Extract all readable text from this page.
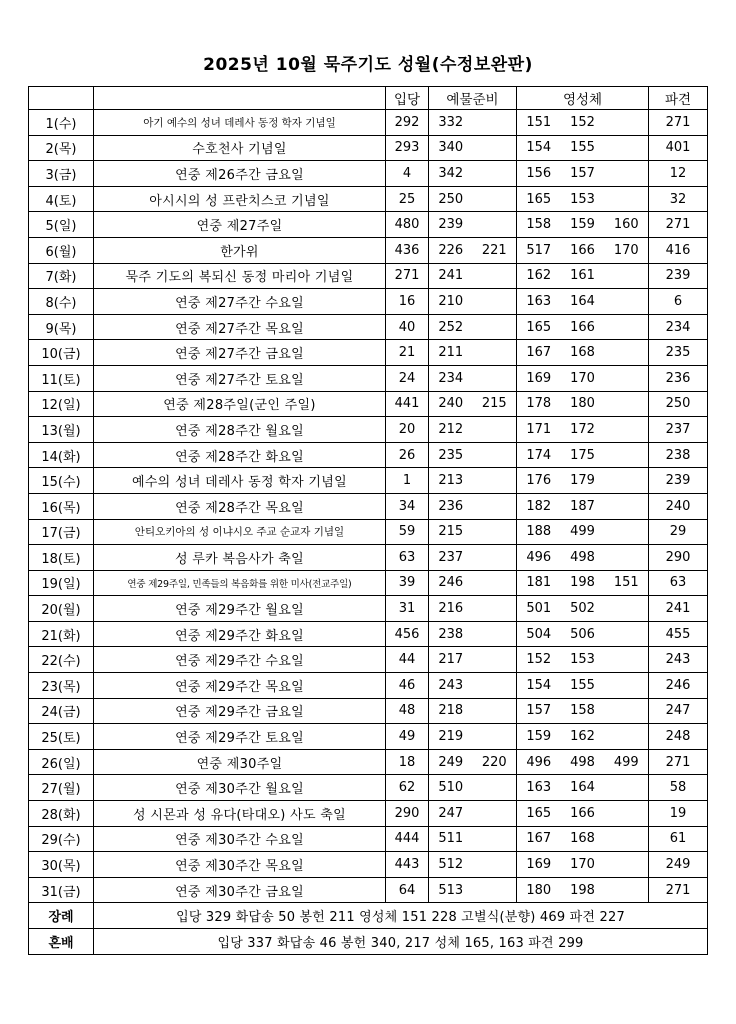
2025년 10월 묵주기도 성월(수정보완판)
		입당	예물준비		영성체			파견
1(수)	아기 예수의 성녀 데레사 동정 학자 기념일	292	332		151	152		271
2(목)	수호천사 기념일	293	340		154	155		401
3(금)	연중 제26주간 금요일	4	342		156	157		12
4(토)	아시시의 성 프란치스코 기념일	25	250		165	153		32
5(일)	연중 제27주일	480	239		158	159	160	271
6(월)	한가위	436	226	221	517	166	170	416
7(화)	묵주 기도의 복되신 동정 마리아 기념일	271	241		162	161		239
8(수)	연중 제27주간 수요일	16	210		163	164		6
9(목)	연중 제27주간 목요일	40	252		165	166		234
10(금)	연중 제27주간 금요일	21	211		167	168		235
11(토)	연중 제27주간 토요일	24	234		169	170		236
12(일)	연중 제28주일(군인 주일)	441	240	215	178	180		250
13(월)	연중 제28주간 월요일	20	212		171	172		237
14(화)	연중 제28주간 화요일	26	235		174	175		238
15(수)	예수의 성녀 데레사 동정 학자 기념일	1	213		176	179		239
16(목)	연중 제28주간 목요일	34	236		182	187		240
17(금)	안티오키아의 성 이냐시오 주교 순교자 기념일	59	215		188	499		29
18(토)	성 루카 복음사가 축일	63	237		496	498		290
19(일)	연중 제29주일, 민족들의 복음화를 위한 미사(전교주일)	39	246		181	198	151	63
20(월)	연중 제29주간 월요일	31	216		501	502		241
21(화)	연중 제29주간 화요일	456	238		504	506		455
22(수)	연중 제29주간 수요일	44	217		152	153		243
23(목)	연중 제29주간 목요일	46	243		154	155		246
24(금)	연중 제29주간 금요일	48	218		157	158		247
25(토)	연중 제29주간 토요일	49	219		159	162		248
26(일)	연중 제30주일	18	249	220	496	498	499	271
27(월)	연중 제30주간 월요일	62	510		163	164		58
28(화)	성 시몬과 성 유다(타대오) 사도 축일	290	247		165	166		19
29(수)	연중 제30주간 수요일	444	511		167	168		61
30(목)	연중 제30주간 목요일	443	512		169	170		249
31(금)	연중 제30주간 금요일	64	513		180	198		271
장례	입당 329 화답송 50 봉헌 211 영성체 151 228 고별식(분향) 469 파견 227							
혼배	입당 337 화답송 46 봉헌 340, 217 성체 165, 163 파견 299							
